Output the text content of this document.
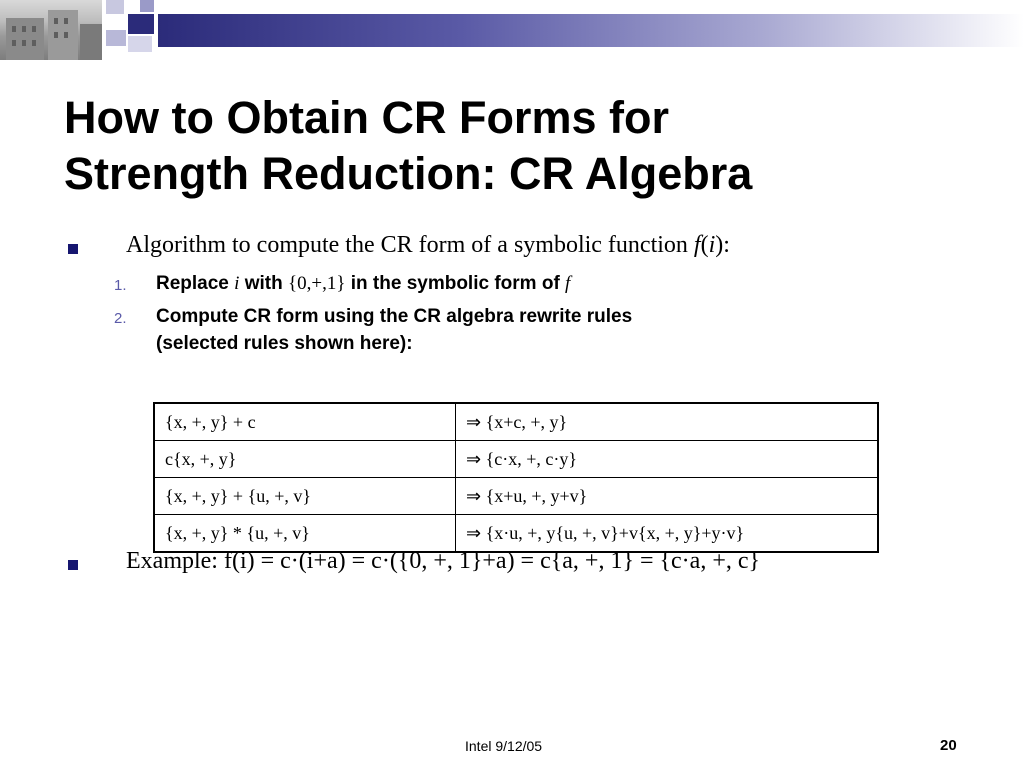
How to Obtain CR Forms for
Strength Reduction: CR Algebra
Algorithm to compute the CR form of a symbolic function f(i):
1. Replace i with {0,+,1} in the symbolic form of f
2. Compute CR form using the CR algebra rewrite rules
(selected rules shown here):
{x, +, y} + c	⇒ {x+c, +, y}
c{x, +, y}	⇒ {c·x, +, c·y}
{x, +, y} + {u, +, v}	⇒ {x+u, +, y+v}
{x, +, y} * {u, +, v}	⇒ {x·u, +, y{u, +, v}+v{x, +, y}+y·v}
Example: f(i) = c·(i+a) = c·({0, +, 1}+a) = c{a, +, 1} = {c·a, +, c}
Intel 9/12/05	20
